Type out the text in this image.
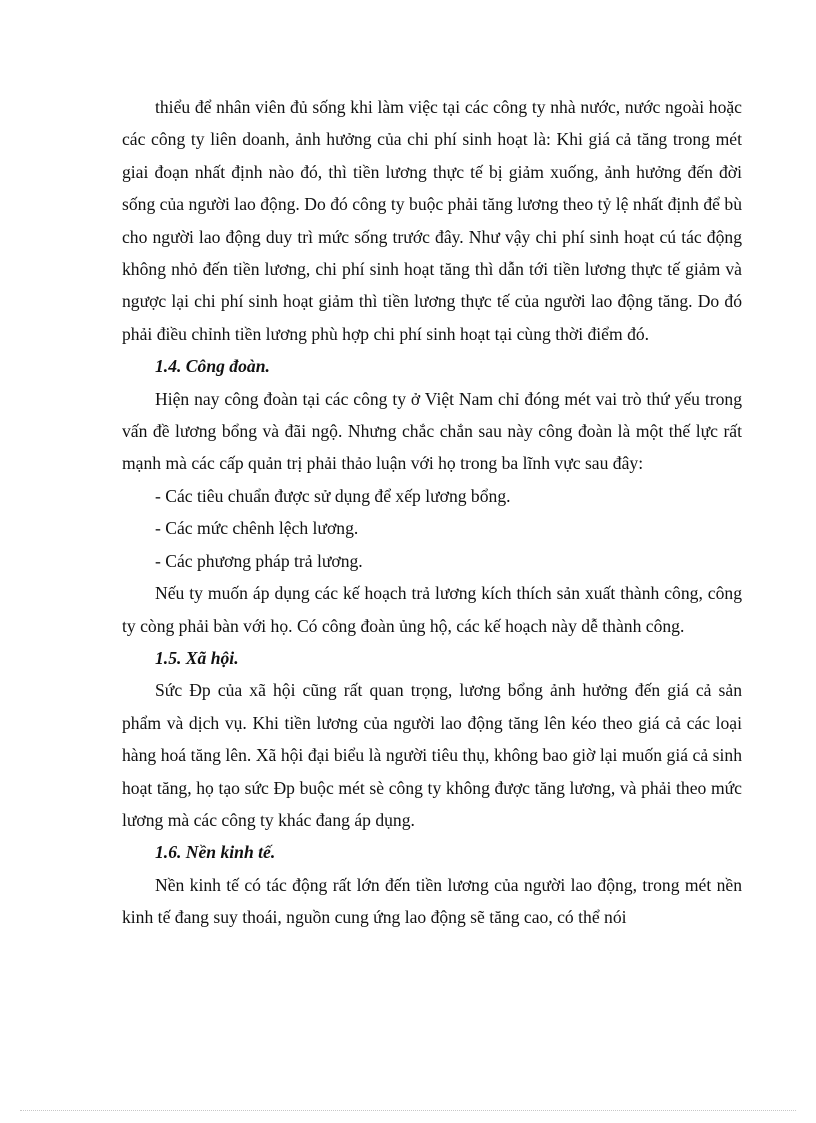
thiểu để nhân viên đủ sống khi làm việc tại các công ty nhà nước, nước ngoài hoặc các công ty liên doanh, ảnh hưởng của chi phí sinh hoạt là: Khi giá cả tăng trong mét giai đoạn nhất định nào đó, thì tiền lương thực tế bị giảm xuống, ảnh hưởng đến đời sống của người lao động. Do đó công ty buộc phải tăng lương theo tỷ lệ nhất định để bù cho người lao động duy trì mức sống trước đây. Như vậy chi phí sinh hoạt cú tác động không nhỏ đến tiền lương, chi phí sinh hoạt tăng thì dẫn tới tiền lương thực tế giảm và ngược lại chi phí sinh hoạt giảm thì tiền lương thực tế của người lao động tăng. Do đó phải điều chỉnh tiền lương phù hợp chi phí sinh hoạt tại cùng thời điểm đó.

1.4. Công đoàn.

Hiện nay công đoàn tại các công ty ở Việt Nam chỉ đóng mét vai trò thứ yếu trong vấn đề lương bổng và đãi ngộ. Nhưng chắc chắn sau này công đoàn là một thế lực rất mạnh mà các cấp quản trị phải thảo luận với họ trong ba lĩnh vực sau đây:

- Các tiêu chuẩn được sử dụng để xếp lương bổng.

- Các mức chênh lệch lương.

- Các phương pháp trả lương.

Nếu ty muốn áp dụng các kế hoạch trả lương kích thích sản xuất thành công, công ty còng phải bàn với họ. Có công đoàn ủng hộ, các kế hoạch này dễ thành công.

1.5. Xã hội.

Sức Đp của xã hội cũng rất quan trọng, lương bổng ảnh hưởng đến giá cả sản phẩm và dịch vụ. Khi tiền lương của người lao động tăng lên kéo theo giá cả các loại hàng hoá tăng lên. Xã hội đại biểu là người tiêu thụ, không bao giờ lại muốn giá cả sinh hoạt tăng, họ tạo sức Đp buộc mét sè công ty không được tăng lương, và phải theo mức lương mà các công ty khác đang áp dụng.

1.6. Nền kinh tế.

Nền kinh tế có tác động rất lớn đến tiền lương của người lao động, trong mét nền kinh tế đang suy thoái, nguồn cung ứng lao động sẽ tăng cao, có thể nói
